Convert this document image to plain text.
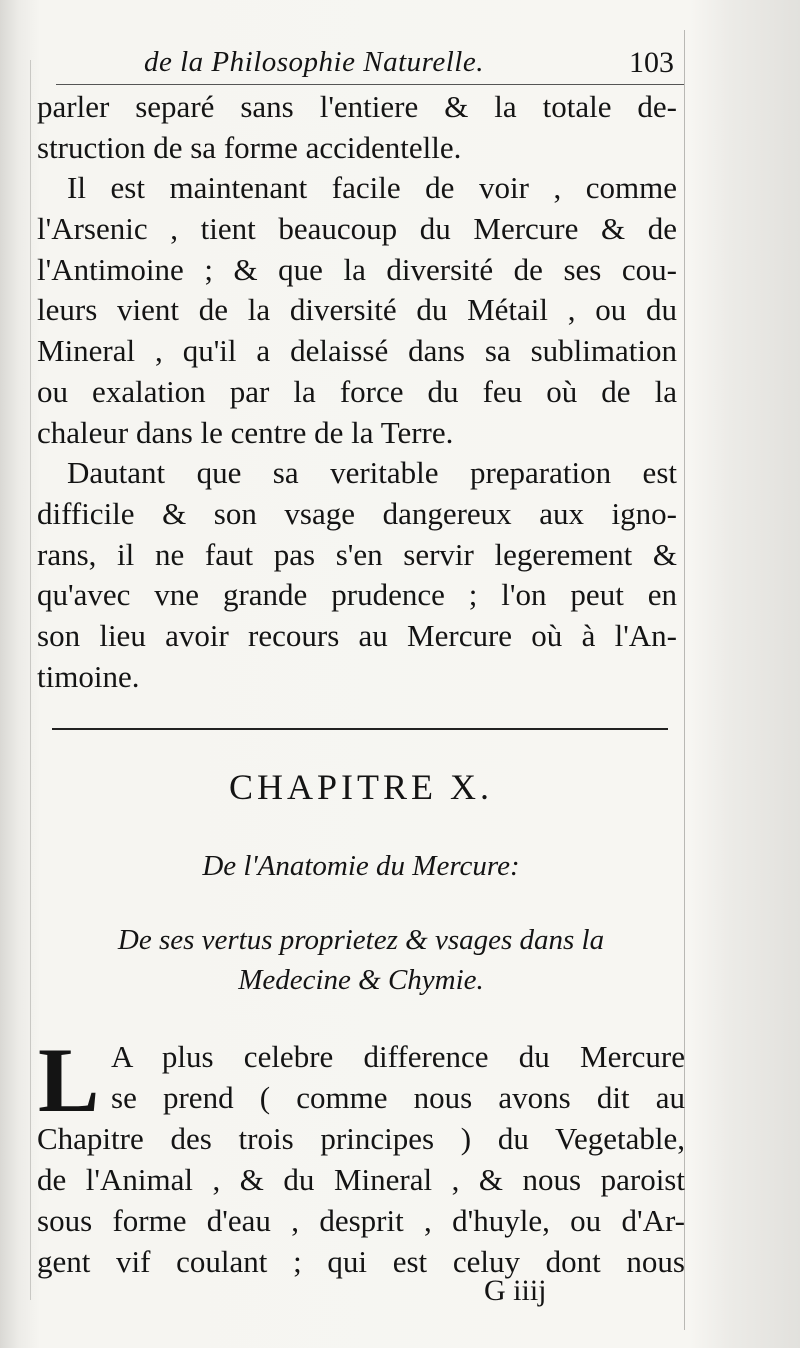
de la Philosophie Naturelle.	103
parler separé sans l'entiere & la totale de-
struction de sa forme accidentelle.
Il est maintenant facile de voir , comme
l'Arsenic , tient beaucoup du Mercure & de
l'Antimoine ; & que la diversité de ses cou-
leurs vient de la diversité du Métail , ou du
Mineral , qu'il a delaissé dans sa sublimation
ou exalation par la force du feu où de la
chaleur dans le centre de la Terre.
Dautant que sa veritable preparation est
difficile & son vsage dangereux aux igno-
rans, il ne faut pas s'en servir legerement &
qu'avec vne grande prudence ; l'on peut en
son lieu avoir recours au Mercure où à l'An-
timoine.
CHAPITRE X.
De l'Anatomie du Mercure:
De ses vertus proprietez & vsages dans la
Medecine & Chymie.
L A plus celebre difference du Mercure
se prend ( comme nous avons dit au
Chapitre des trois principes ) du Vegetable,
de l'Animal , & du Mineral , & nous paroist
sous forme d'eau , desprit , d'huyle, ou d'Ar-
gent vif coulant ; qui est celuy dont nous
G iiij
